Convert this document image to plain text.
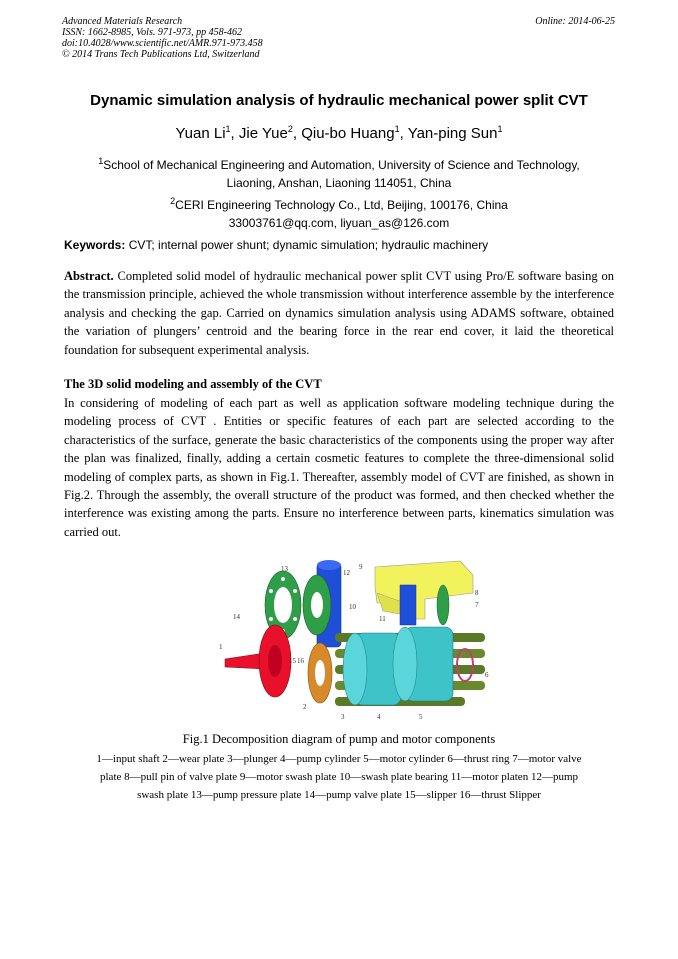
Advanced Materials Research
ISSN: 1662-8985, Vols. 971-973, pp 458-462
doi:10.4028/www.scientific.net/AMR.971-973.458
© 2014 Trans Tech Publications Ltd, Switzerland
Online: 2014-06-25
Dynamic simulation analysis of hydraulic mechanical power split CVT
Yuan Li$^1$, Jie Yue$^2$, Qiu-bo Huang$^1$, Yan-ping Sun$^1$
$^1$School of Mechanical Engineering and Automation, University of Science and Technology,
Liaoning, Anshan, Liaoning 114051, China
$^2$CERI Engineering Technology Co., Ltd, Beijing, 100176, China
33003761@qq.com, liyuan_as@126.com
Keywords: CVT; internal power shunt; dynamic simulation; hydraulic machinery
Abstract. Completed solid model of hydraulic mechanical power split CVT using Pro/E software basing on the transmission principle, achieved the whole transmission without interference assemble by the interference analysis and checking the gap. Carried on dynamics simulation analysis using ADAMS software, obtained the variation of plungers’ centroid and the bearing force in the rear end cover, it laid the theoretical foundation for subsequent experimental analysis.
The 3D solid modeling and assembly of the CVT
In considering of modeling of each part as well as application software modeling technique during the modeling process of CVT . Entities or specific features of each part are selected according to the characteristics of the surface, generate the basic characteristics of the components using the proper way after the plan was finalized, finally, adding a certain cosmetic features to complete the three-dimensional solid modeling of complex parts, as shown in Fig.1. Thereafter, assembly model of CVT are finished, as shown in Fig.2. Through the assembly, the overall structure of the product was formed, and then checked whether the interference was existing among the parts. Ensure no interference between parts, kinematics simulation was carried out.
1
2
3	4	5
6
7
8
9
10
11
12
13
14
15 16
Fig.1 Decomposition diagram of pump and motor components
1—input shaft 2—wear plate 3—plunger 4—pump cylinder 5—motor cylinder 6—thrust ring 7—motor valve
plate 8—pull pin of valve plate 9—motor swash plate 10—swash plate bearing 11—motor platen 12—pump
swash plate 13—pump pressure plate 14—pump valve plate 15—slipper 16—thrust Slipper
